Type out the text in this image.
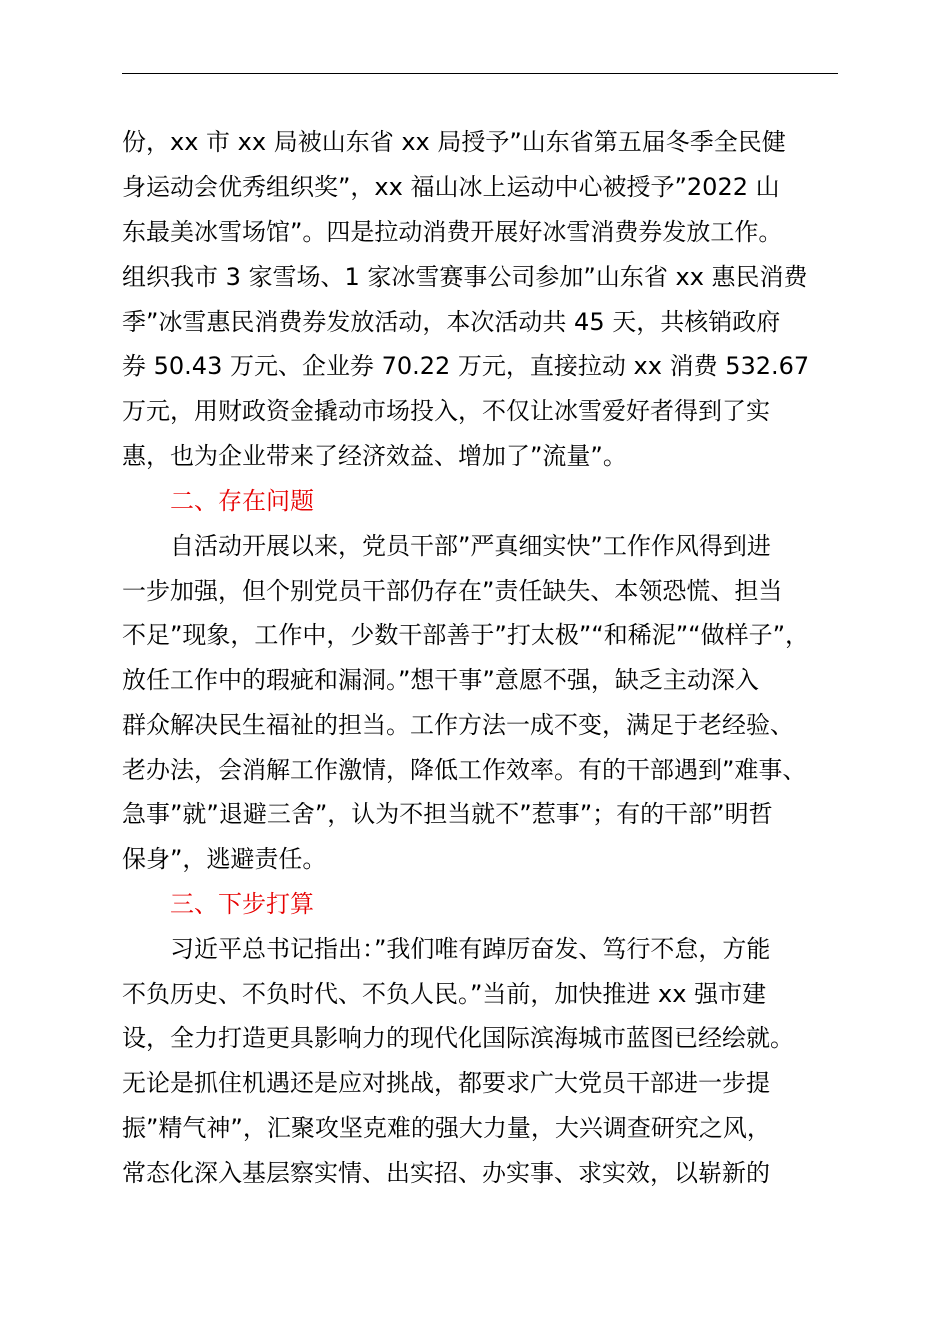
份，xx 市 xx 局被山东省 xx 局授予”山东省第五届冬季全民健
身运动会优秀组织奖”，xx 福山冰上运动中心被授予”2022 山
东最美冰雪场馆”。四是拉动消费开展好冰雪消费券发放工作。
组织我市 3 家雪场、1 家冰雪赛事公司参加”山东省 xx 惠民消费
季”冰雪惠民消费券发放活动，本次活动共 45 天，共核销政府
券 50.43 万元、企业券 70.22 万元，直接拉动 xx 消费 532.67
万元，用财政资金撬动市场投入，不仅让冰雪爱好者得到了实
惠，也为企业带来了经济效益、增加了”流量”。
二、存在问题
自活动开展以来，党员干部”严真细实快”工作作风得到进
一步加强，但个别党员干部仍存在”责任缺失、本领恐慌、担当
不足”现象，工作中，少数干部善于”打太极”“和稀泥”“做样子”，
放任工作中的瑕疵和漏洞。”想干事”意愿不强，缺乏主动深入
群众解决民生福祉的担当。工作方法一成不变，满足于老经验、
老办法，会消解工作激情，降低工作效率。有的干部遇到”难事、
急事”就”退避三舍”，认为不担当就不”惹事”；有的干部”明哲
保身”，逃避责任。
三、下步打算
习近平总书记指出：”我们唯有踔厉奋发、笃行不怠，方能
不负历史、不负时代、不负人民。”当前，加快推进 xx 强市建
设，全力打造更具影响力的现代化国际滨海城市蓝图已经绘就。
无论是抓住机遇还是应对挑战，都要求广大党员干部进一步提
振”精气神”，汇聚攻坚克难的强大力量，大兴调查研究之风，
常态化深入基层察实情、出实招、办实事、求实效，以崭新的
